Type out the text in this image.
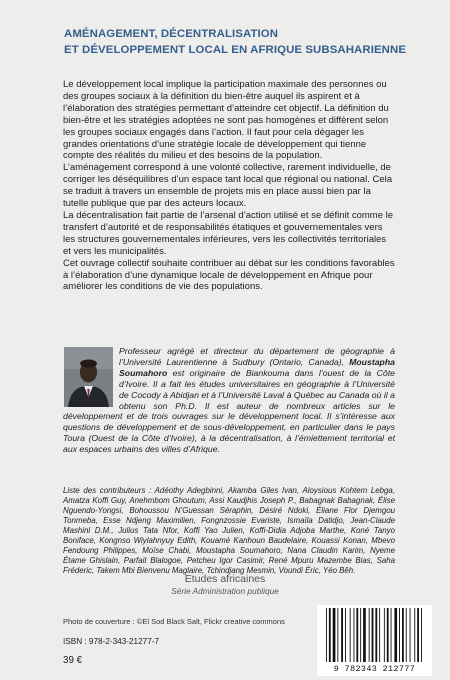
AMÉNAGEMENT, DÉCENTRALISATION
ET DÉVELOPPEMENT LOCAL EN AFRIQUE SUBSAHARIENNE

Le développement local implique la participation maximale des personnes ou des groupes sociaux à la définition du bien-être auquel ils aspirent et à l’élaboration des stratégies permettant d’atteindre cet objectif. La définition du bien-être et les stratégies adoptées ne sont pas homogènes et diffèrent selon les groupes sociaux engagés dans l’action. Il faut pour cela dégager les grandes orientations d’une stratégie locale de développement qui tienne compte des réalités du milieu et des besoins de la population.

L’aménagement correspond à une volonté collective, rarement individuelle, de corriger les déséquilibres d’un espace tant local que régional ou national. Cela se traduit à travers un ensemble de projets mis en place aussi bien par la tutelle publique que par des acteurs locaux.

La décentralisation fait partie de l’arsenal d’action utilisé et se définit comme le transfert d’autorité et de responsabilités étatiques et gouvernementales vers les structures gouvernementales inférieures, vers les collectivités territoriales et vers les municipalités.

Cet ouvrage collectif souhaite contribuer au débat sur les conditions favorables à l’élaboration d’une dynamique locale de développement en Afrique pour améliorer les conditions de vie des populations.

Professeur agrégé et directeur du département de géographie à l’Université Laurentienne à Sudbury (Ontario, Canada), Moustapha Soumahoro est originaire de Biankouma dans l’ouest de la Côte d’Ivoire. Il a fait les études universitaires en géographie à l’Université de Cocody à Abidjan et à l’Université Laval à Québec au Canada où il a obtenu son Ph.D. Il est auteur de nombreux articles sur le développement et de trois ouvrages sur le développement local. Il s’intéresse aux questions de développement et de sous-développement, en particulier dans le pays Toura (Ouest de la Côte d’Ivoire), à la décentralisation, à l’émiettement territorial et aux espaces urbains des villes d’Afrique.
Liste des contributeurs : Adéothy Adegbinni, Akamba Giles Ivan, Aloysious Kohtem Lebga, Amatza Koffi Guy, Anehmbom Ghoutum, Assi Kaudjhis Joseph P., Babagnak Babagnak, Élise Nguendo-Yongsi, Bohoussou N’Guessan Séraphin, Désiré Ndoki, Éliane Flor Djemgou Tonmeba, Esse Ndjeng Maximilien, Fongnzossie Evariste, Ismaïla Datidjo, Jean-Claude Mashinl D.M., Julius Tata Nfor, Koffi Yao Julien, Koffi-Didia Adjoba Marthe, Koné Tanyo Boniface, Kongnso Wiylahnyuy Edith, Kouamé Kanhoun Baudelaire, Kouassi Konan, Mbevo Fendoung Philippes, Moïse Chabi, Moustapha Soumahoro, Nana Claudin Karim, Nyeme Étame Ghislain, Parfait Blalogoe, Petcheu Igor Casimir, René Mpuru Mazembe Bias, Saha Fréderic, Takem Mbi Bienvenu Maglaire, Tchindjang Mesmin, Voundi Éric, Yéo Bêh.
Etudes africaines
Série Administration publique
Photo de couverture : ©El Sod Black Salt, Flickr creative commons
ISBN : 978-2-343-21277-7
39 €
9 782343 212777
